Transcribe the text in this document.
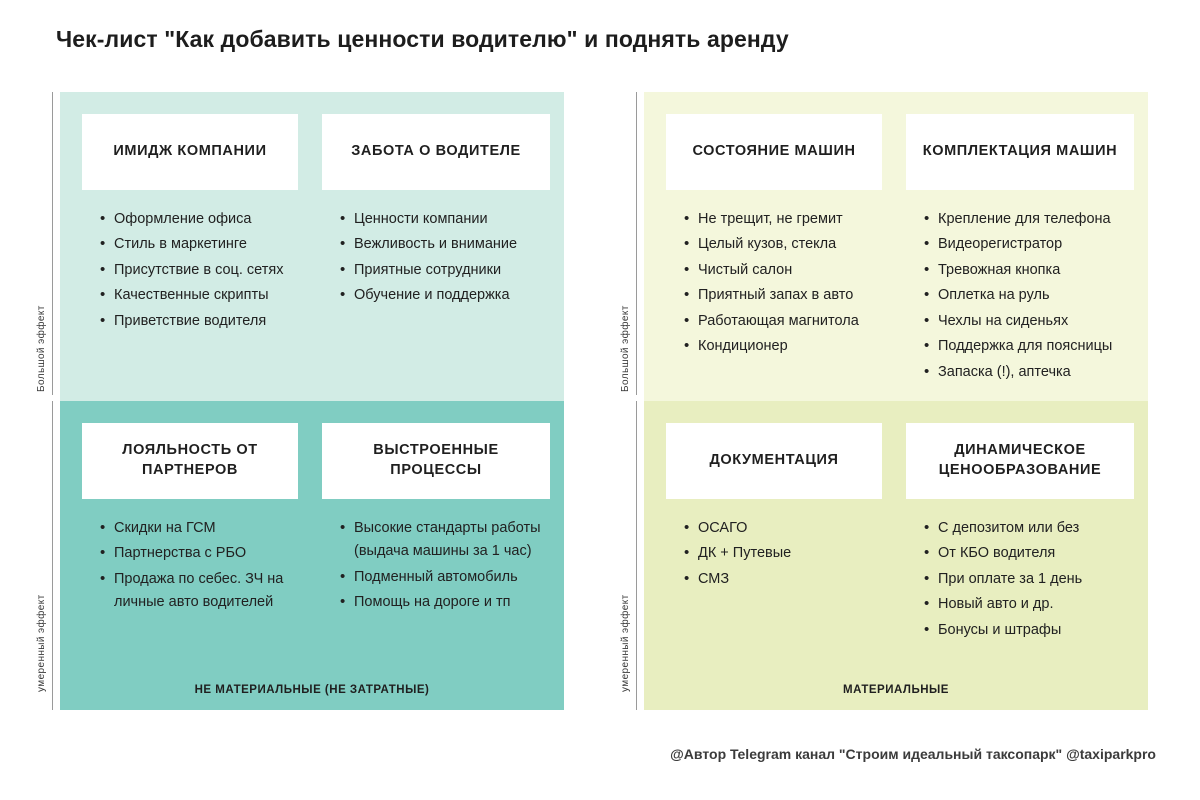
Чек-лист "Как добавить ценности водителю" и поднять аренду
Большой эффект
умеренный эффект
ИМИДЖ КОМПАНИИ
• Оформление офиса
• Стиль в маркетинге
• Присутствие в соц. сетях
• Качественные скрипты
• Приветствие водителя
ЗАБОТА О ВОДИТЕЛЕ
• Ценности компании
• Вежливость и внимание
• Приятные сотрудники
• Обучение и поддержка
ЛОЯЛЬНОСТЬ ОТ ПАРТНЕРОВ
• Скидки на ГСМ
• Партнерства с РБО
• Продажа по себес. ЗЧ на личные авто водителей
ВЫСТРОЕННЫЕ ПРОЦЕССЫ
• Высокие стандарты работы (выдача машины за 1 час)
• Подменный автомобиль
• Помощь на дороге и тп
НЕ МАТЕРИАЛЬНЫЕ (НЕ ЗАТРАТНЫЕ)
Большой эффект
умеренный эффект
СОСТОЯНИЕ МАШИН
• Не трещит, не гремит
• Целый кузов, стекла
• Чистый салон
• Приятный запах в авто
• Работающая магнитола
• Кондиционер
КОМПЛЕКТАЦИЯ МАШИН
• Крепление для телефона
• Видеорегистратор
• Тревожная кнопка
• Оплетка на руль
• Чехлы на сиденьях
• Поддержка для поясницы
• Запаска (!), аптечка
ДОКУМЕНТАЦИЯ
• ОСАГО
• ДК + Путевые
• СМЗ
ДИНАМИЧЕСКОЕ ЦЕНООБРАЗОВАНИЕ
• С депозитом или без
• От КБО водителя
• При оплате за 1 день
• Новый авто и др.
• Бонусы и штрафы
МАТЕРИАЛЬНЫЕ
@Автор Telegram канал "Строим идеальный таксопарк" @taxiparkpro
